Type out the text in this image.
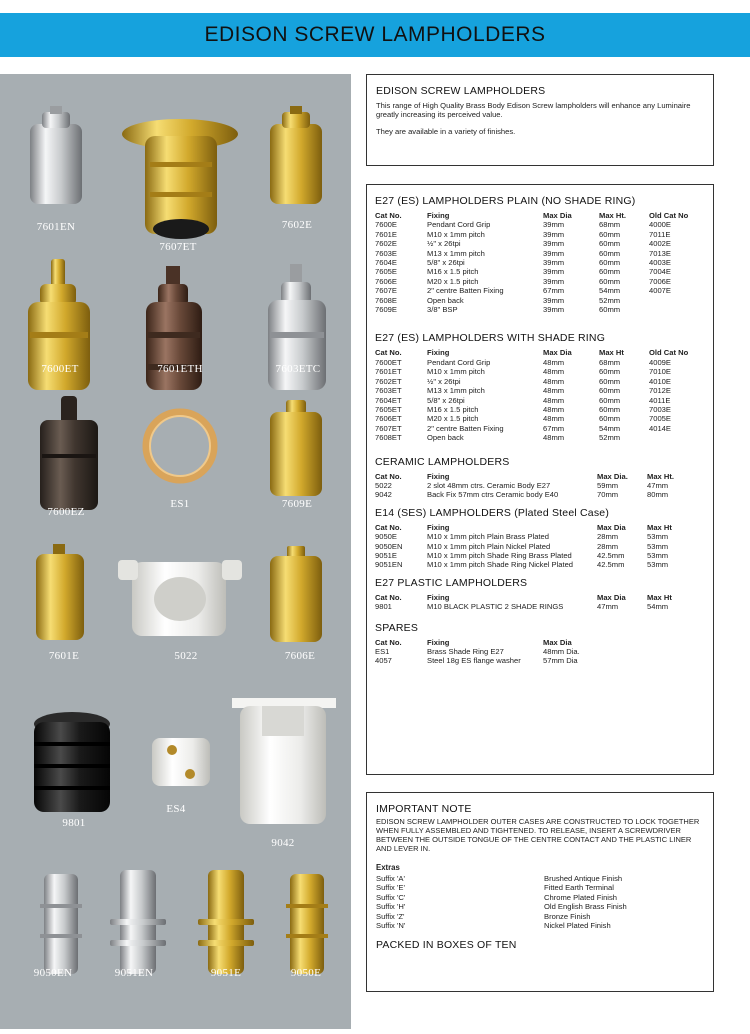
EDISON SCREW LAMPHOLDERS
7601EN
7607ET
7602E
7600ET	7601ETH	7603ETC
7600EZ
ES1	7609E
7601E	5022	7606E
9801
ES4
9042
9050EN	9051EN	9051E	9050E
EDISON SCREW LAMPHOLDERS

This range of High Quality Brass Body Edison Screw lampholders will enhance any Luminaire greatly increasing its perceived value.

They are available in a variety of finishes.

E27 (ES) LAMPHOLDERS PLAIN (NO SHADE RING)
Cat No.	Fixing	Max Dia	Max Ht.	Old Cat No
7600E	Pendant Cord Grip	39mm	68mm	4000E
7601E	M10 x 1mm pitch	39mm	60mm	7011E
7602E	½" x 26tpi	39mm	60mm	4002E
7603E	M13 x 1mm pitch	39mm	60mm	7013E
7604E	5/8" x 26tpi	39mm	60mm	4003E
7605E	M16 x 1.5 pitch	39mm	60mm	7004E
7606E	M20 x 1.5 pitch	39mm	60mm	7006E
7607E	2" centre Batten Fixing	67mm	54mm	4007E
7608E	Open back	39mm	52mm	
7609E	3/8" BSP	39mm	60mm	
E27 (ES) LAMPHOLDERS WITH SHADE RING
Cat No.	Fixing	Max Dia	Max Ht	Old Cat No
7600ET	Pendant Cord Grip	48mm	68mm	4009E
7601ET	M10 x 1mm pitch	48mm	60mm	7010E
7602ET	½" x 26tpi	48mm	60mm	4010E
7603ET	M13 x 1mm pitch	48mm	60mm	7012E
7604ET	5/8" x 26tpi	48mm	60mm	4011E
7605ET	M16 x 1.5 pitch	48mm	60mm	7003E
7606ET	M20 x 1.5 pitch	48mm	60mm	7005E
7607ET	2" centre Batten Fixing	67mm	54mm	4014E
7608ET	Open back	48mm	52mm	
CERAMIC LAMPHOLDERS
Cat No.	Fixing	Max Dia.	Max Ht.
5022	2 slot 48mm ctrs. Ceramic Body E27	59mm	47mm
9042	Back Fix 57mm ctrs Ceramic body E40	70mm	80mm
E14 (SES) LAMPHOLDERS (Plated Steel Case)
Cat No.	Fixing	Max Dia	Max Ht
9050E	M10 x 1mm pitch Plain Brass Plated	28mm	53mm
9050EN	M10 x 1mm pitch Plain Nickel Plated	28mm	53mm
9051E	M10 x 1mm pitch Shade Ring Brass Plated	42.5mm	53mm
9051EN	M10 x 1mm pitch Shade Ring Nickel Plated	42.5mm	53mm
E27 PLASTIC LAMPHOLDERS
Cat No.	Fixing	Max Dia	Max Ht
9801	M10 BLACK PLASTIC 2 SHADE RINGS	47mm	54mm
SPARES
Cat No.	Fixing	Max Dia
ES1	Brass Shade Ring E27	48mm Dia.
4057	Steel 18g ES flange washer	57mm Dia
IMPORTANT NOTE

EDISON SCREW LAMPHOLDER OUTER CASES ARE CONSTRUCTED TO LOCK TOGETHER WHEN FULLY ASSEMBLED AND TIGHTENED. TO RELEASE, INSERT A SCREWDRIVER BETWEEN THE OUTSIDE TONGUE OF THE CENTRE CONTACT AND THE PLASTIC LINER AND LEVER IN.

Extras
Suffix 'A'	Brushed Antique Finish
Suffix 'E'	Fitted Earth Terminal
Suffix 'C'	Chrome Plated Finish
Suffix 'H'	Old English Brass Finish
Suffix 'Z'	Bronze Finish
Suffix 'N'	Nickel Plated Finish
PACKED IN BOXES OF TEN
